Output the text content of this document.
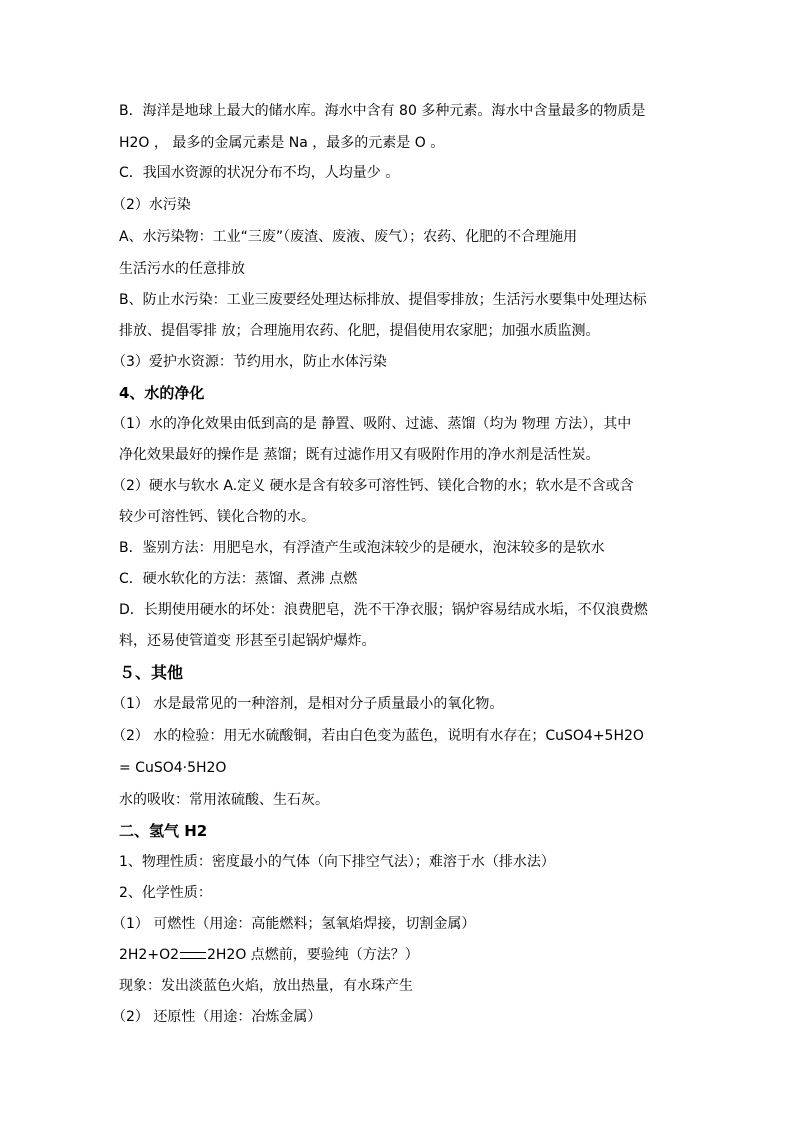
B．海洋是地球上最大的储水库。海水中含有 80 多种元素。海水中含量最多的物质是
H2O ， 最多的金属元素是 Na ，最多的元素是 O 。
C．我国水资源的状况分布不均，人均量少 。
（2）水污染
A、水污染物：工业“三废”（废渣、废液、废气）；农药、化肥的不合理施用
生活污水的任意排放
B、防止水污染：工业三废要经处理达标排放、提倡零排放；生活污水要集中处理达标
排放、提倡零排 放；合理施用农药、化肥，提倡使用农家肥；加强水质监测。
（3）爱护水资源：节约用水，防止水体污染
4、水的净化
（1）水的净化效果由低到高的是 静置、吸附、过滤、蒸馏（均为 物理 方法），其中
净化效果最好的操作是 蒸馏；既有过滤作用又有吸附作用的净水剂是活性炭。
（2）硬水与软水 A.定义 硬水是含有较多可溶性钙、镁化合物的水；软水是不含或含
较少可溶性钙、镁化合物的水。
B．鉴别方法：用肥皂水，有浮渣产生或泡沫较少的是硬水，泡沫较多的是软水
C．硬水软化的方法：蒸馏、煮沸 点燃
D．长期使用硬水的坏处：浪费肥皂，洗不干净衣服；锅炉容易结成水垢，不仅浪费燃
料，还易使管道变 形甚至引起锅炉爆炸。
５、其他
（1） 水是最常见的一种溶剂，是相对分子质量最小的氧化物。
（2） 水的检验：用无水硫酸铜，若由白色变为蓝色，说明有水存在；CuSO4+5H2O
= CuSO4·5H2O
水的吸收：常用浓硫酸、生石灰。
二、氢气 H2
1、物理性质：密度最小的气体（向下排空气法）；难溶于水（排水法）
2、化学性质：
（1） 可燃性（用途：高能燃料；氢氧焰焊接，切割金属）
2H2+O2 2H2O 点燃前，要验纯（方法？）
现象：发出淡蓝色火焰，放出热量，有水珠产生
（2） 还原性（用途：冶炼金属）
